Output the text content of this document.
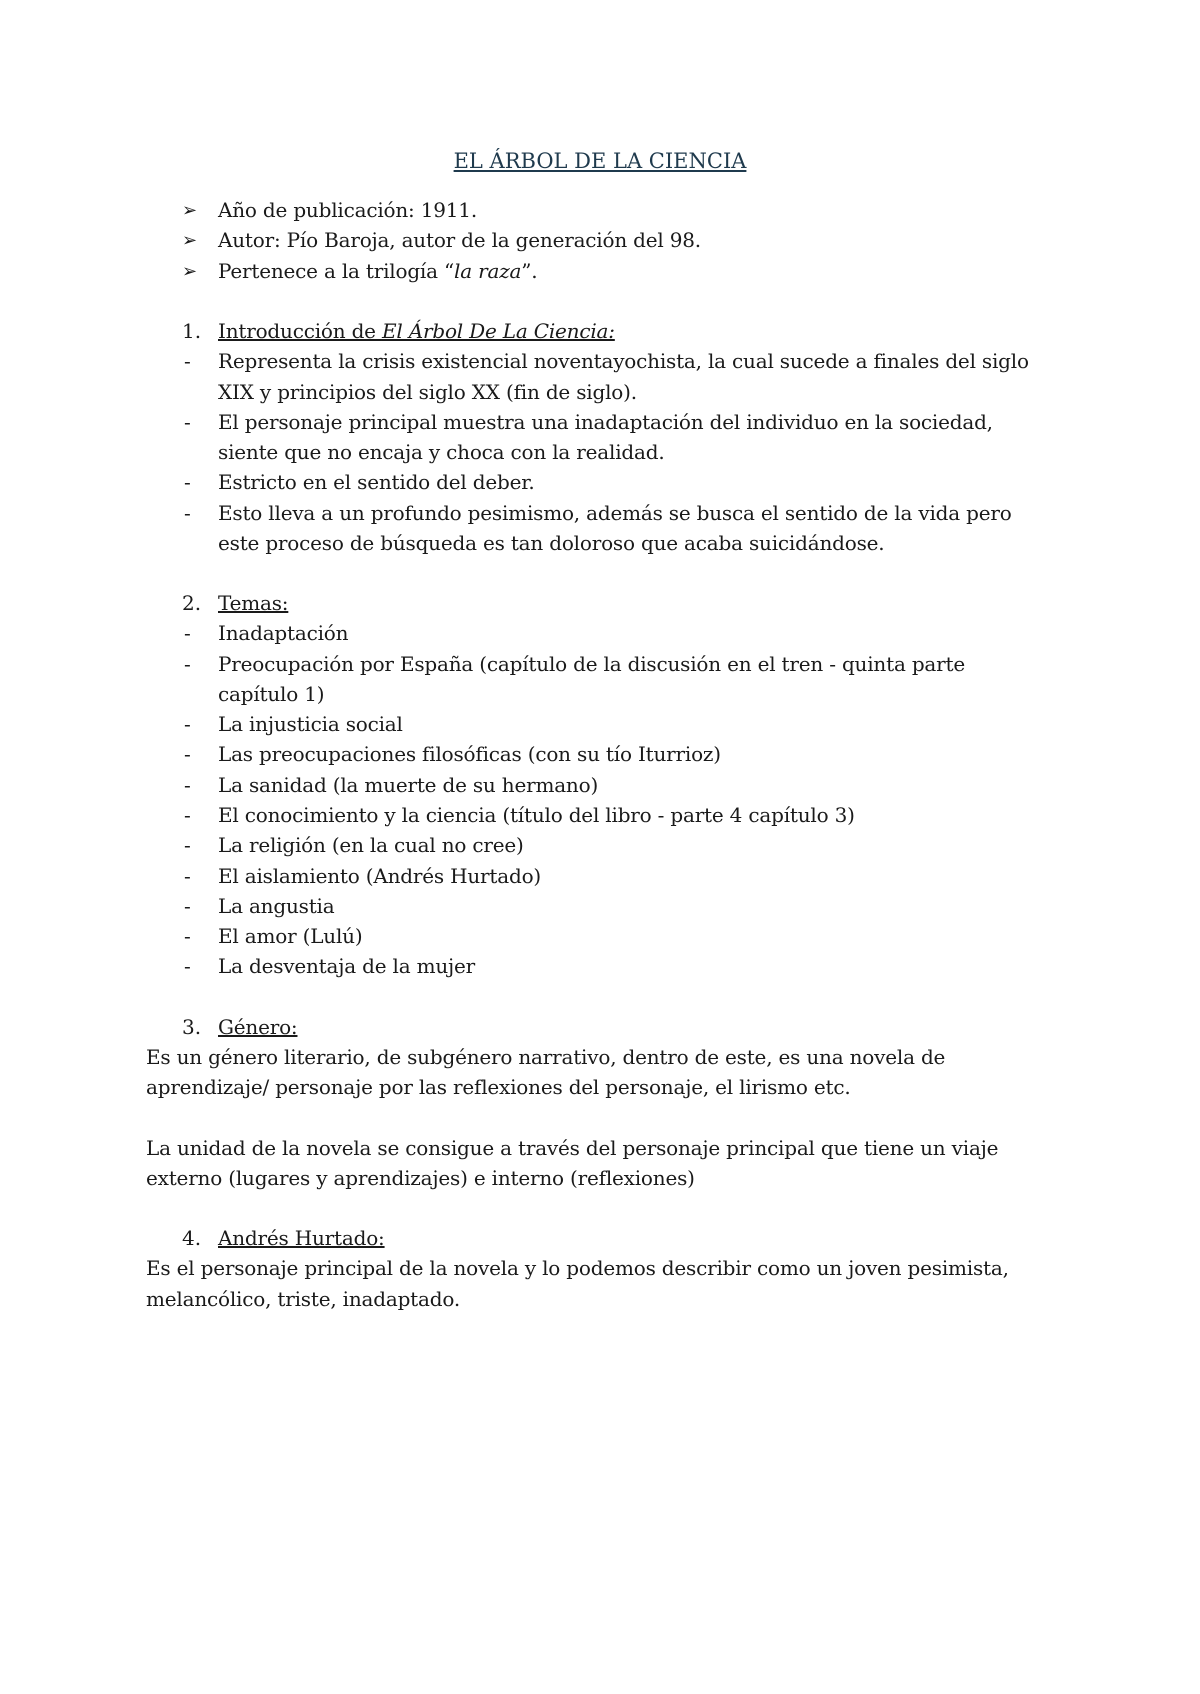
EL ÁRBOL DE LA CIENCIA
➢ Año de publicación: 1911.
➢ Autor: Pío Baroja, autor de la generación del 98.
➢ Pertenece a la trilogía “la raza”.
1. Introducción de El Árbol De La Ciencia:
- Representa la crisis existencial noventayochista, la cual sucede a finales del siglo
XIX y principios del siglo XX (fin de siglo).
- El personaje principal muestra una inadaptación del individuo en la sociedad,
siente que no encaja y choca con la realidad.
- Estricto en el sentido del deber.
- Esto lleva a un profundo pesimismo, además se busca el sentido de la vida pero
este proceso de búsqueda es tan doloroso que acaba suicidándose.
2. Temas:
- Inadaptación
- Preocupación por España (capítulo de la discusión en el tren - quinta parte
capítulo 1)
- La injusticia social
- Las preocupaciones filosóficas (con su tío Iturrioz)
- La sanidad (la muerte de su hermano)
- El conocimiento y la ciencia (título del libro - parte 4 capítulo 3)
- La religión (en la cual no cree)
- El aislamiento (Andrés Hurtado)
- La angustia
- El amor (Lulú)
- La desventaja de la mujer
3. Género:
Es un género literario, de subgénero narrativo, dentro de este, es una novela de
aprendizaje/ personaje por las reflexiones del personaje, el lirismo etc.
La unidad de la novela se consigue a través del personaje principal que tiene un viaje
externo (lugares y aprendizajes) e interno (reflexiones)
4. Andrés Hurtado:
Es el personaje principal de la novela y lo podemos describir como un joven pesimista,
melancólico, triste, inadaptado.
